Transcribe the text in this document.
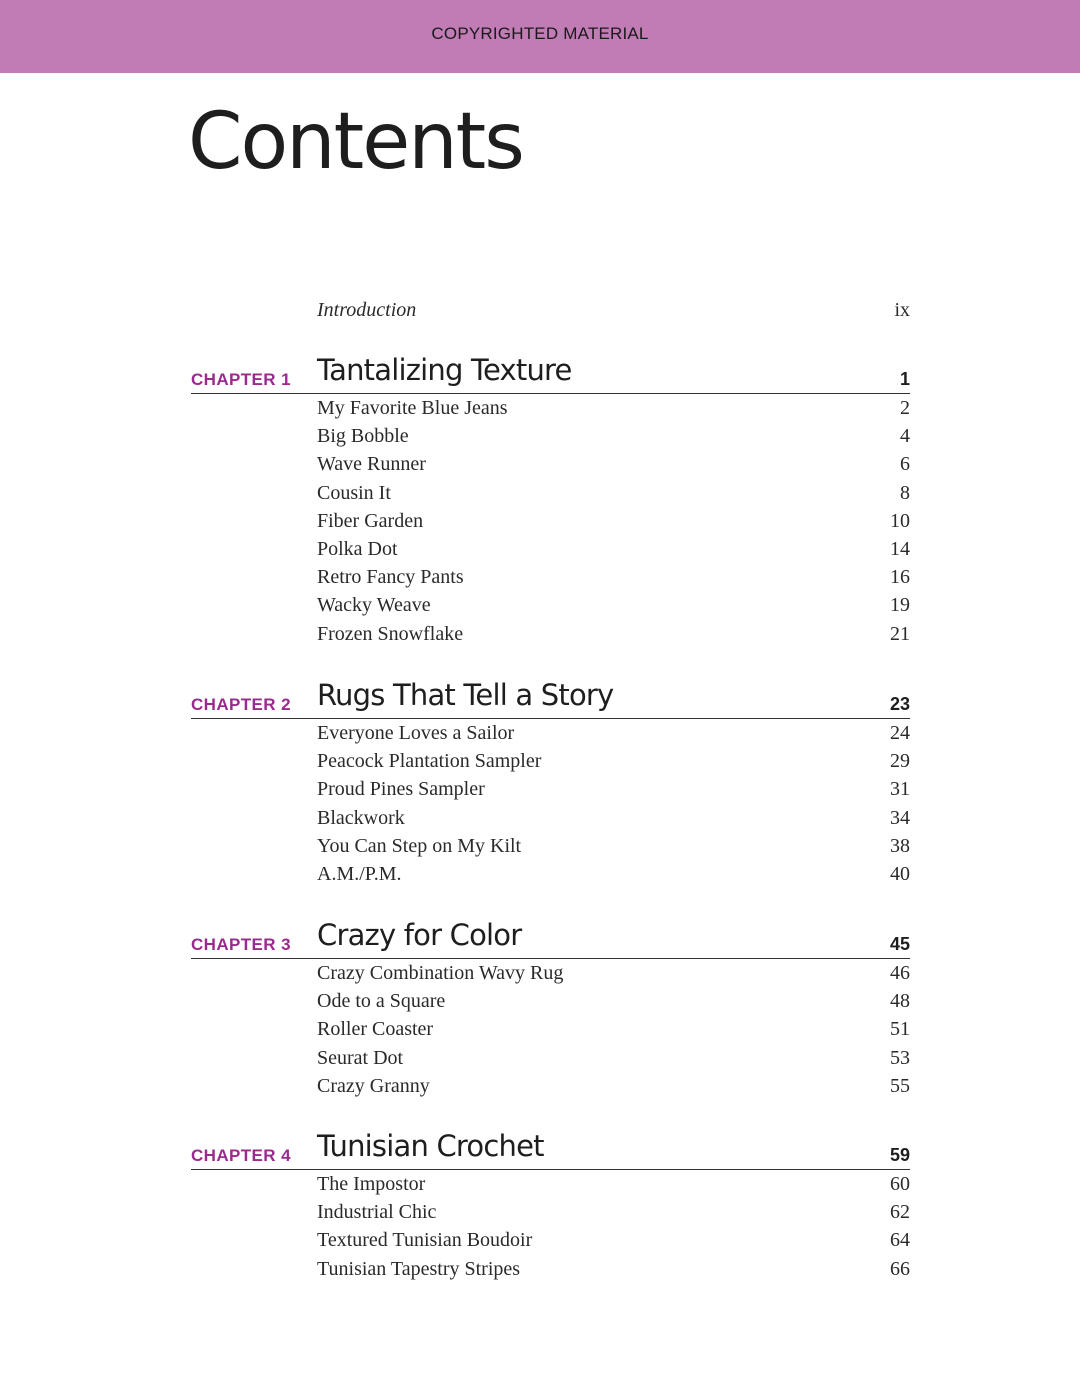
COPYRIGHTED MATERIAL
Contents
Introduction	ix
CHAPTER 1 Tantalizing Texture	1
My Favorite Blue Jeans	2
Big Bobble	4
Wave Runner	6
Cousin It	8
Fiber Garden	10
Polka Dot	14
Retro Fancy Pants	16
Wacky Weave	19
Frozen Snowflake	21
CHAPTER 2 Rugs That Tell a Story	23
Everyone Loves a Sailor	24
Peacock Plantation Sampler	29
Proud Pines Sampler	31
Blackwork	34
You Can Step on My Kilt	38
A.M./P.M.	40
CHAPTER 3 Crazy for Color	45
Crazy Combination Wavy Rug	46
Ode to a Square	48
Roller Coaster	51
Seurat Dot	53
Crazy Granny	55
CHAPTER 4 Tunisian Crochet	59
The Impostor	60
Industrial Chic	62
Textured Tunisian Boudoir	64
Tunisian Tapestry Stripes	66
